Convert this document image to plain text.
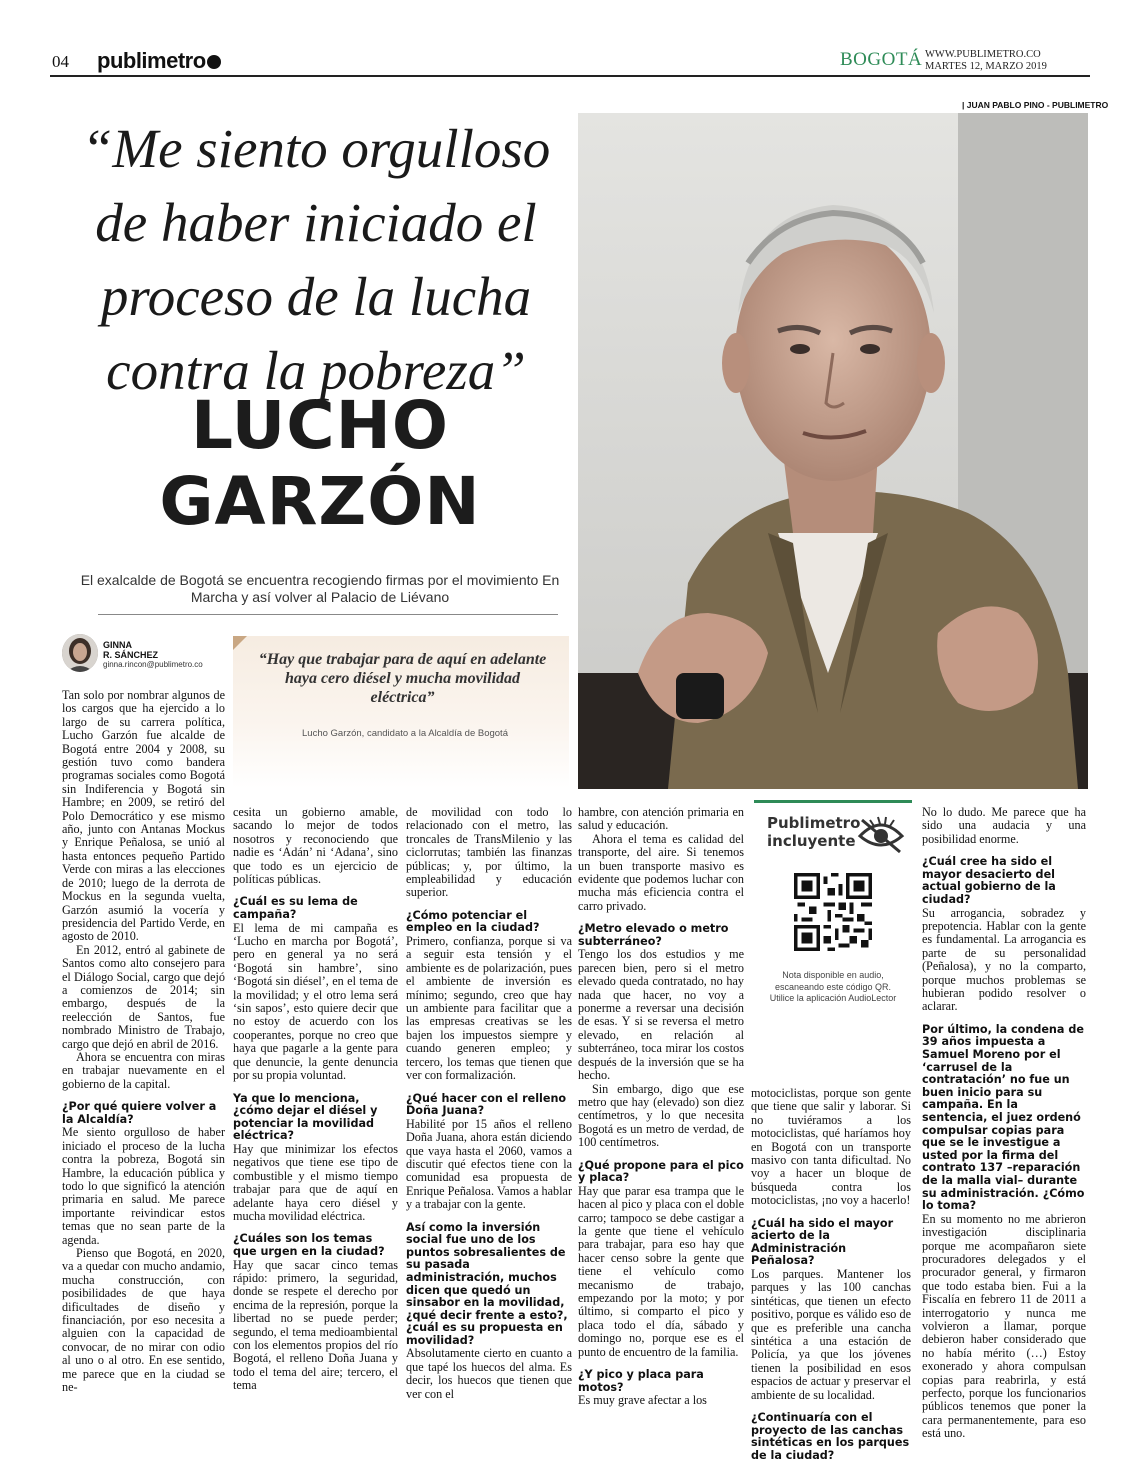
04 publimetro	BOGOTÁ WWW.PUBLIMETRO.CO
MARTES 12, MARZO 2019
| JUAN PABLO PINO - PUBLIMETRO
“Me siento orgulloso de haber iniciado el proceso de la lucha contra la pobreza”
LUCHO
GARZÓN
El exalcalde de Bogotá se encuentra recogiendo firmas por el movimiento En Marcha y así volver al Palacio de Liévano
GINNA
R. SÁNCHEZ
ginna.rincon@publimetro.co	“Hay que trabajar para de aquí en adelante haya cero diésel y mucha movilidad eléctrica”
Lucho Garzón, candidato a la Alcaldía de Bogotá

Tan solo por nombrar algunos de los cargos que ha ejercido a lo largo de su carrera política, Lucho Garzón fue alcalde de Bogotá entre 2004 y 2008, su gestión tuvo como bandera programas sociales como Bogotá sin Indiferencia y Bogotá sin Hambre; en 2009, se retiró del Polo Democrático y ese mismo año, junto con Antanas Mockus y Enrique Peñalosa, se unió al hasta entonces pequeño Partido Verde con miras a las elecciones de 2010; luego de la derrota de Mockus en la segunda vuelta, Garzón asumió la vocería y presidencia del Partido Verde, en agosto de 2010.

En 2012, entró al gabinete de Santos como alto consejero para el Diálogo Social, cargo que dejó a comienzos de 2014; sin embargo, después de la reelección de Santos, fue nombrado Ministro de Trabajo, cargo que dejó en abril de 2016.

Ahora se encuentra con miras en trabajar nuevamente en el gobierno de la capital.

¿Por qué quiere volver a la Alcaldía?

Me siento orgulloso de haber iniciado el proceso de la lucha contra la pobreza, Bogotá sin Hambre, la educación pública y todo lo que significó la atención primaria en salud. Me parece importante reivindicar estos temas que no sean parte de la agenda.

Pienso que Bogotá, en 2020, va a quedar con mucho andamio, mucha construcción, con posibilidades de que haya dificultades de diseño y financiación, por eso necesita a alguien con la capacidad de convocar, de no mirar con odio al uno o al otro. En ese sentido, me parece que en la ciudad se ne-

cesita un gobierno amable, sacando lo mejor de todos nosotros y reconociendo que nadie es ‘Adán’ ni ‘Adana’, sino que todo es un ejercicio de políticas públicas.

¿Cuál es su lema de campaña?

El lema de mi campaña es ‘Lucho en marcha por Bogotá’, pero en general ya no será ‘Bogotá sin hambre’, sino ‘Bogotá sin diésel’, en el tema de la movilidad; y el otro lema será ‘sin sapos’, esto quiere decir que no estoy de acuerdo con los cooperantes, porque no creo que haya que pagarle a la gente para que denuncie, la gente denuncia por su propia voluntad.

Ya que lo menciona, ¿cómo dejar el diésel y potenciar la movilidad eléctrica?

Hay que minimizar los efectos negativos que tiene ese tipo de combustible y el mismo tiempo trabajar para que de aquí en adelante haya cero diésel y mucha movilidad eléctrica.

¿Cuáles son los temas que urgen en la ciudad?

Hay que sacar cinco temas rápido: primero, la seguridad, donde se respete el derecho por encima de la represión, porque la libertad no se puede perder; segundo, el tema medioambiental con los elementos propios del río Bogotá, el relleno Doña Juana y todo el tema del aire; tercero, el tema

de movilidad con todo lo relacionado con el metro, las troncales de TransMilenio y las ciclorrutas; también las finanzas públicas; y, por último, la empleabilidad y educación superior.

¿Cómo potenciar el empleo en la ciudad?

Primero, confianza, porque si va a seguir esta tensión y el ambiente es de polarización, pues el ambiente de inversión es mínimo; segundo, creo que hay un ambiente para facilitar que a las empresas creativas se les bajen los impuestos siempre y cuando generen empleo; y tercero, los temas que tienen que ver con formalización.

¿Qué hacer con el relleno Doña Juana?

Habilité por 15 años el relleno Doña Juana, ahora están diciendo que vaya hasta el 2060, vamos a discutir qué efectos tiene con la comunidad esa propuesta de Enrique Peñalosa. Vamos a hablar y a trabajar con la gente.

Así como la inversión social fue uno de los puntos sobresalientes de su pasada administración, muchos dicen que quedó un sinsabor en la movilidad, ¿qué decir frente a esto?, ¿cuál es su propuesta en movilidad?

Absolutamente cierto en cuanto a que tapé los huecos del alma. Es decir, los huecos que tienen que ver con el

hambre, con atención primaria en salud y educación.

Ahora el tema es calidad del transporte, del aire. Si tenemos un buen transporte masivo es evidente que podemos luchar con mucha más eficiencia contra el carro privado.

¿Metro elevado o metro subterráneo?

Tengo los dos estudios y me parecen bien, pero si el metro elevado queda contratado, no hay nada que hacer, no voy a ponerme a reversar una decisión de esas. Y si se reversa el metro elevado, en relación al subterráneo, toca mirar los costos después de la inversión que se ha hecho.

Sin embargo, digo que ese metro que hay (elevado) son diez centímetros, y lo que necesita Bogotá es un metro de verdad, de 100 centímetros.

¿Qué propone para el pico y placa?

Hay que parar esa trampa que le hacen al pico y placa con el doble carro; tampoco se debe castigar a la gente que tiene el vehículo para trabajar, para eso hay que hacer censo sobre la gente que tiene el vehículo como mecanismo de trabajo, empezando por la moto; y por último, si comparto el pico y placa todo el día, sábado y domingo no, porque ese es el punto de encuentro de la familia.

¿Y pico y placa para motos?

Es muy grave afectar a los

Publimetro
incluyente
Nota disponible en audio, escaneando este código QR. Utilice la aplicación AudioLector

motociclistas, porque son gente que tiene que salir y laborar. Si no tuviéramos a los motociclistas, qué haríamos hoy en Bogotá con un transporte masivo con tanta dificultad. No voy a hacer un bloque de búsqueda contra los motociclistas, ¡no voy a hacerlo!

¿Cuál ha sido el mayor acierto de la Administración Peñalosa?

Los parques. Mantener los parques y las 100 canchas sintéticas, que tienen un efecto positivo, porque es válido eso de que es preferible una cancha sintética a una estación de Policía, ya que los jóvenes tienen la posibilidad en esos espacios de actuar y preservar el ambiente de su localidad.

¿Continuaría con el proyecto de las canchas sintéticas en los parques de la ciudad?

No lo dudo. Me parece que ha sido una audacia y una posibilidad enorme.

¿Cuál cree ha sido el mayor desacierto del actual gobierno de la ciudad?

Su arrogancia, sobradez y prepotencia. Hablar con la gente es fundamental. La arrogancia es parte de su personalidad (Peñalosa), y no la comparto, porque muchos problemas se hubieran podido resolver o aclarar.

Por último, la condena de 39 años impuesta a Samuel Moreno por el ‘carrusel de la contratación’ no fue un buen inicio para su campaña. En la sentencia, el juez ordenó compulsar copias para que se le investigue a usted por la firma del contrato 137 –reparación de la malla vial– durante su administración. ¿Cómo lo toma?

En su momento no me abrieron investigación disciplinaria porque me acompañaron siete procuradores delegados y el procurador general, y firmaron que todo estaba bien. Fui a la Fiscalía en febrero 11 de 2011 a interrogatorio y nunca me volvieron a llamar, porque debieron haber considerado que no había mérito (…) Estoy exonerado y ahora compulsan copias para reabrirla, y está perfecto, porque los funcionarios públicos tenemos que poner la cara permanentemente, para eso está uno.
